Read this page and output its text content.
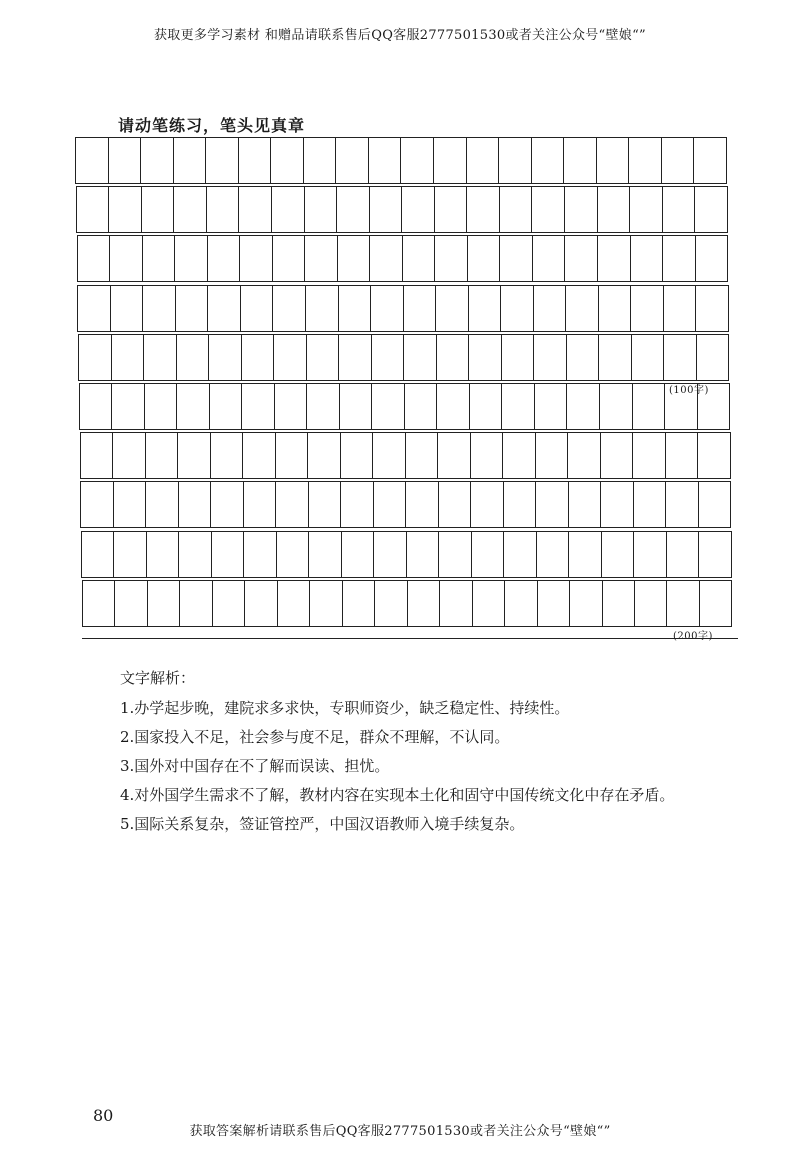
获取更多学习素材 和赠品请联系售后QQ客服2777501530或者关注公众号“壁娘“”
请动笔练习，笔头见真章
(100字)
(200字)
文字解析：
1.办学起步晚，建院求多求快，专职师资少，缺乏稳定性、持续性。
2.国家投入不足，社会参与度不足，群众不理解，不认同。
3.国外对中国存在不了解而误读、担忧。
4.对外国学生需求不了解，教材内容在实现本土化和固守中国传统文化中存在矛盾。
5.国际关系复杂，签证管控严，中国汉语教师入境手续复杂。
80
获取答案解析请联系售后QQ客服2777501530或者关注公众号“壁娘“”
